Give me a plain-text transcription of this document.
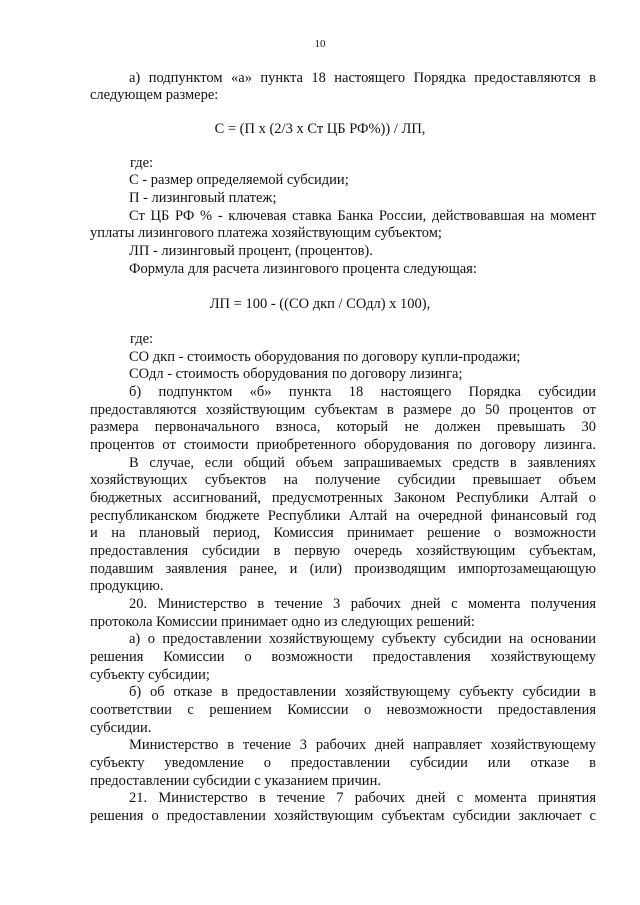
10
а) подпунктом «а» пункта 18 настоящего Порядка предоставляются в
следующем размере:
С = (П х (2/3 х Ст ЦБ РФ%)) / ЛП,
где:
С - размер определяемой субсидии;
П - лизинговый платеж;
Ст ЦБ РФ % - ключевая ставка Банка России, действовавшая на момент
уплаты лизингового платежа хозяйствующим субъектом;
ЛП - лизинговый процент, (процентов).
Формула для расчета лизингового процента следующая:
ЛП = 100 - ((СО дкп / СОдл) х 100),
где:
СО дкп - стоимость оборудования по договору купли-продажи;
СОдл - стоимость оборудования по договору лизинга;
б) подпунктом «б» пункта 18 настоящего Порядка субсидии
предоставляются хозяйствующим субъектам в размере до 50 процентов от
размера первоначального взноса, который не должен превышать 30
процентов от стоимости приобретенного оборудования по договору лизинга.
В случае, если общий объем запрашиваемых средств в заявлениях
хозяйствующих субъектов на получение субсидии превышает объем
бюджетных ассигнований, предусмотренных Законом Республики Алтай о
республиканском бюджете Республики Алтай на очередной финансовый год
и на плановый период, Комиссия принимает решение о возможности
предоставления субсидии в первую очередь хозяйствующим субъектам,
подавшим заявления ранее, и (или) производящим импортозамещающую
продукцию.
20. Министерство в течение 3 рабочих дней с момента получения
протокола Комиссии принимает одно из следующих решений:
а) о предоставлении хозяйствующему субъекту субсидии на основании
решения Комиссии о возможности предоставления хозяйствующему
субъекту субсидии;
б) об отказе в предоставлении хозяйствующему субъекту субсидии в
соответствии с решением Комиссии о невозможности предоставления
субсидии.
Министерство в течение 3 рабочих дней направляет хозяйствующему
субъекту уведомление о предоставлении субсидии или отказе в
предоставлении субсидии с указанием причин.
21. Министерство в течение 7 рабочих дней с момента принятия
решения о предоставлении хозяйствующим субъектам субсидии заключает с
